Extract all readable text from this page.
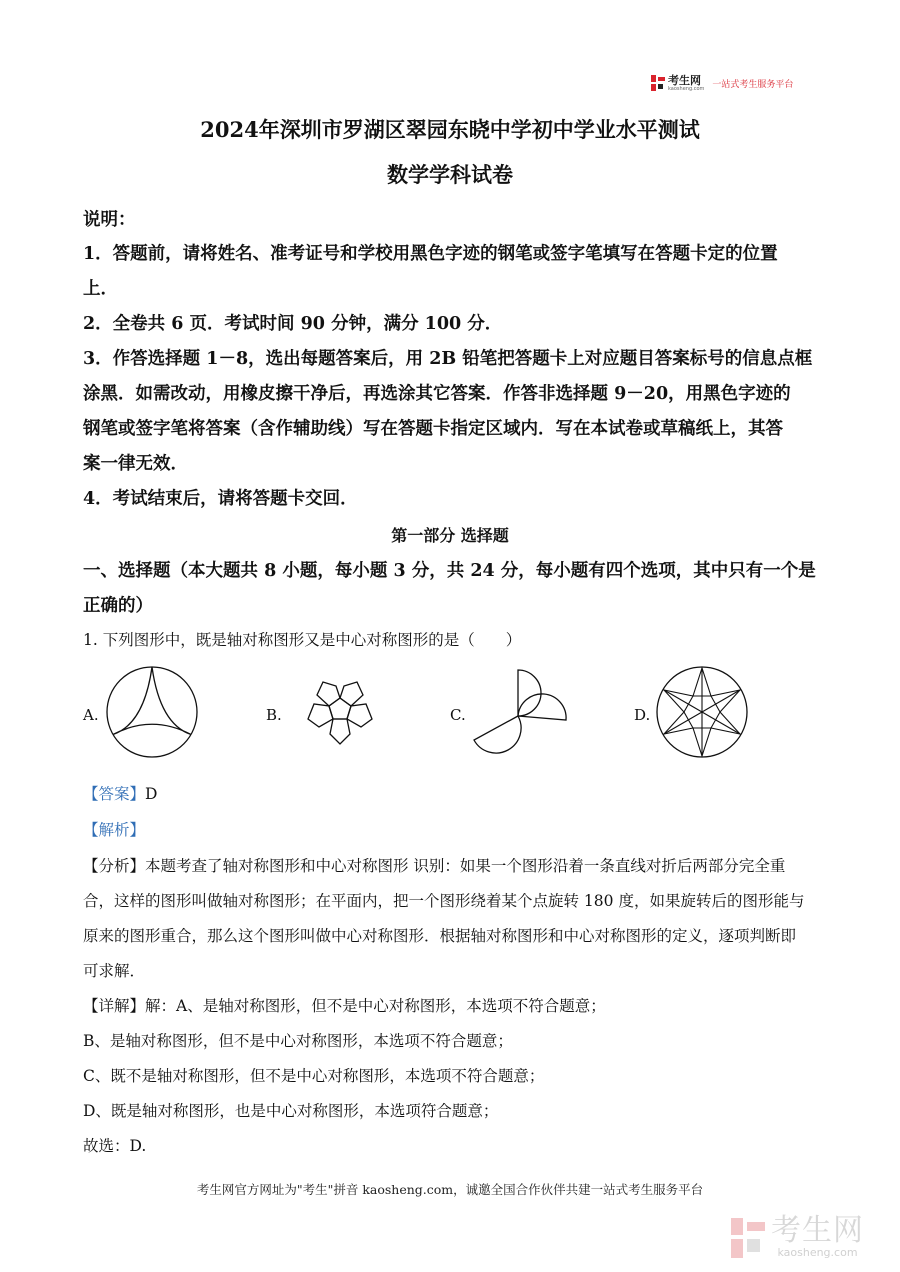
考生网
kaosheng.com 一站式考生服务平台
2024年深圳市罗湖区翠园东晓中学初中学业水平测试
数学学科试卷
说明：
1．答题前，请将姓名、准考证号和学校用黑色字迹的钢笔或签字笔填写在答题卡定的位置
上．
2．全卷共 6 页．考试时间 90 分钟，满分 100 分．
3．作答选择题 1－8，选出每题答案后，用 2B 铅笔把答题卡上对应题目答案标号的信息点框
涂黑．如需改动，用橡皮擦干净后，再选涂其它答案．作答非选择题 9－20，用黑色字迹的
钢笔或签字笔将答案（含作辅助线）写在答题卡指定区域内．写在本试卷或草稿纸上，其答
案一律无效．
4．考试结束后，请将答题卡交回．
第一部分 选择题
一、选择题（本大题共 8 小题，每小题 3 分，共 24 分，每小题有四个选项，其中只有一个是
正确的）
1. 下列图形中，既是轴对称图形又是中心对称图形的是（　　）
A.	B.	C.	D.
【答案】D
【解析】
【分析】本题考查了轴对称图形和中心对称图形 识别：如果一个图形沿着一条直线对折后两部分完全重
合，这样的图形叫做轴对称图形；在平面内，把一个图形绕着某个点旋转 180 度，如果旋转后的图形能与
原来的图形重合，那么这个图形叫做中心对称图形．根据轴对称图形和中心对称图形的定义，逐项判断即
可求解．
【详解】解：A、是轴对称图形，但不是中心对称图形，本选项不符合题意；
B、是轴对称图形，但不是中心对称图形，本选项不符合题意；
C、既不是轴对称图形，但不是中心对称图形，本选项不符合题意；
D、既是轴对称图形，也是中心对称图形，本选项符合题意；
故选：D.
考生网官方网址为"考生"拼音 kaosheng.com，诚邀全国合作伙伴共建一站式考生服务平台
考生网
kaosheng.com
